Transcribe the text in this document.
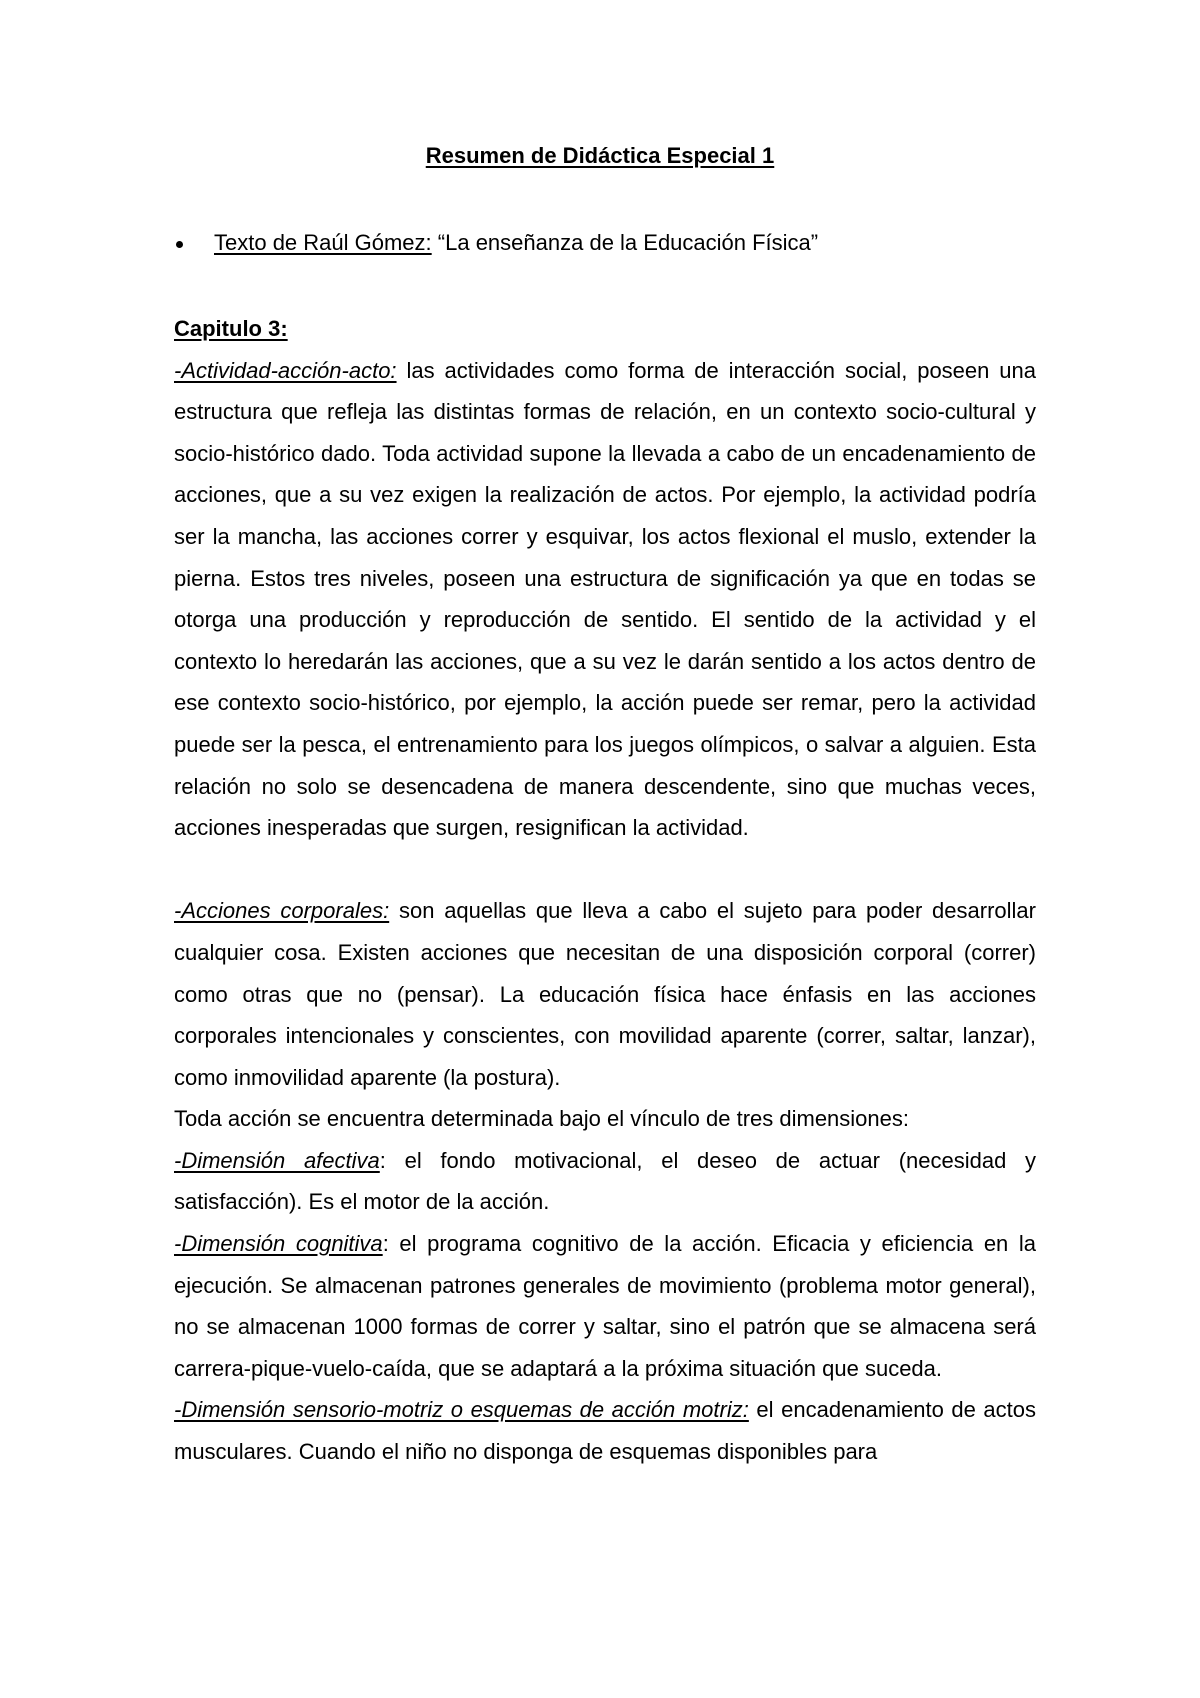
Resumen de Didáctica Especial 1
Texto de Raúl Gómez: “La enseñanza de la Educación Física”

Capitulo 3:

-Actividad-acción-acto: las actividades como forma de interacción social, poseen una estructura que refleja las distintas formas de relación, en un contexto socio-cultural y socio-histórico dado. Toda actividad supone la llevada a cabo de un encadenamiento de acciones, que a su vez exigen la realización de actos. Por ejemplo, la actividad podría ser la mancha, las acciones correr y esquivar, los actos flexional el muslo, extender la pierna. Estos tres niveles, poseen una estructura de significación ya que en todas se otorga una producción y reproducción de sentido. El sentido de la actividad y el contexto lo heredarán las acciones, que a su vez le darán sentido a los actos dentro de ese contexto socio-histórico, por ejemplo, la acción puede ser remar, pero la actividad puede ser la pesca, el entrenamiento para los juegos olímpicos, o salvar a alguien. Esta relación no solo se desencadena de manera descendente, sino que muchas veces, acciones inesperadas que surgen, resignifican la actividad.

-Acciones corporales: son aquellas que lleva a cabo el sujeto para poder desarrollar cualquier cosa. Existen acciones que necesitan de una disposición corporal (correr) como otras que no (pensar). La educación física hace énfasis en las acciones corporales intencionales y conscientes, con movilidad aparente (correr, saltar, lanzar), como inmovilidad aparente (la postura).

Toda acción se encuentra determinada bajo el vínculo de tres dimensiones:

-Dimensión afectiva: el fondo motivacional, el deseo de actuar (necesidad y satisfacción). Es el motor de la acción.

-Dimensión cognitiva: el programa cognitivo de la acción. Eficacia y eficiencia en la ejecución. Se almacenan patrones generales de movimiento (problema motor general), no se almacenan 1000 formas de correr y saltar, sino el patrón que se almacena será carrera-pique-vuelo-caída, que se adaptará a la próxima situación que suceda.

-Dimensión sensorio-motriz o esquemas de acción motriz: el encadenamiento de actos musculares. Cuando el niño no disponga de esquemas disponibles para
